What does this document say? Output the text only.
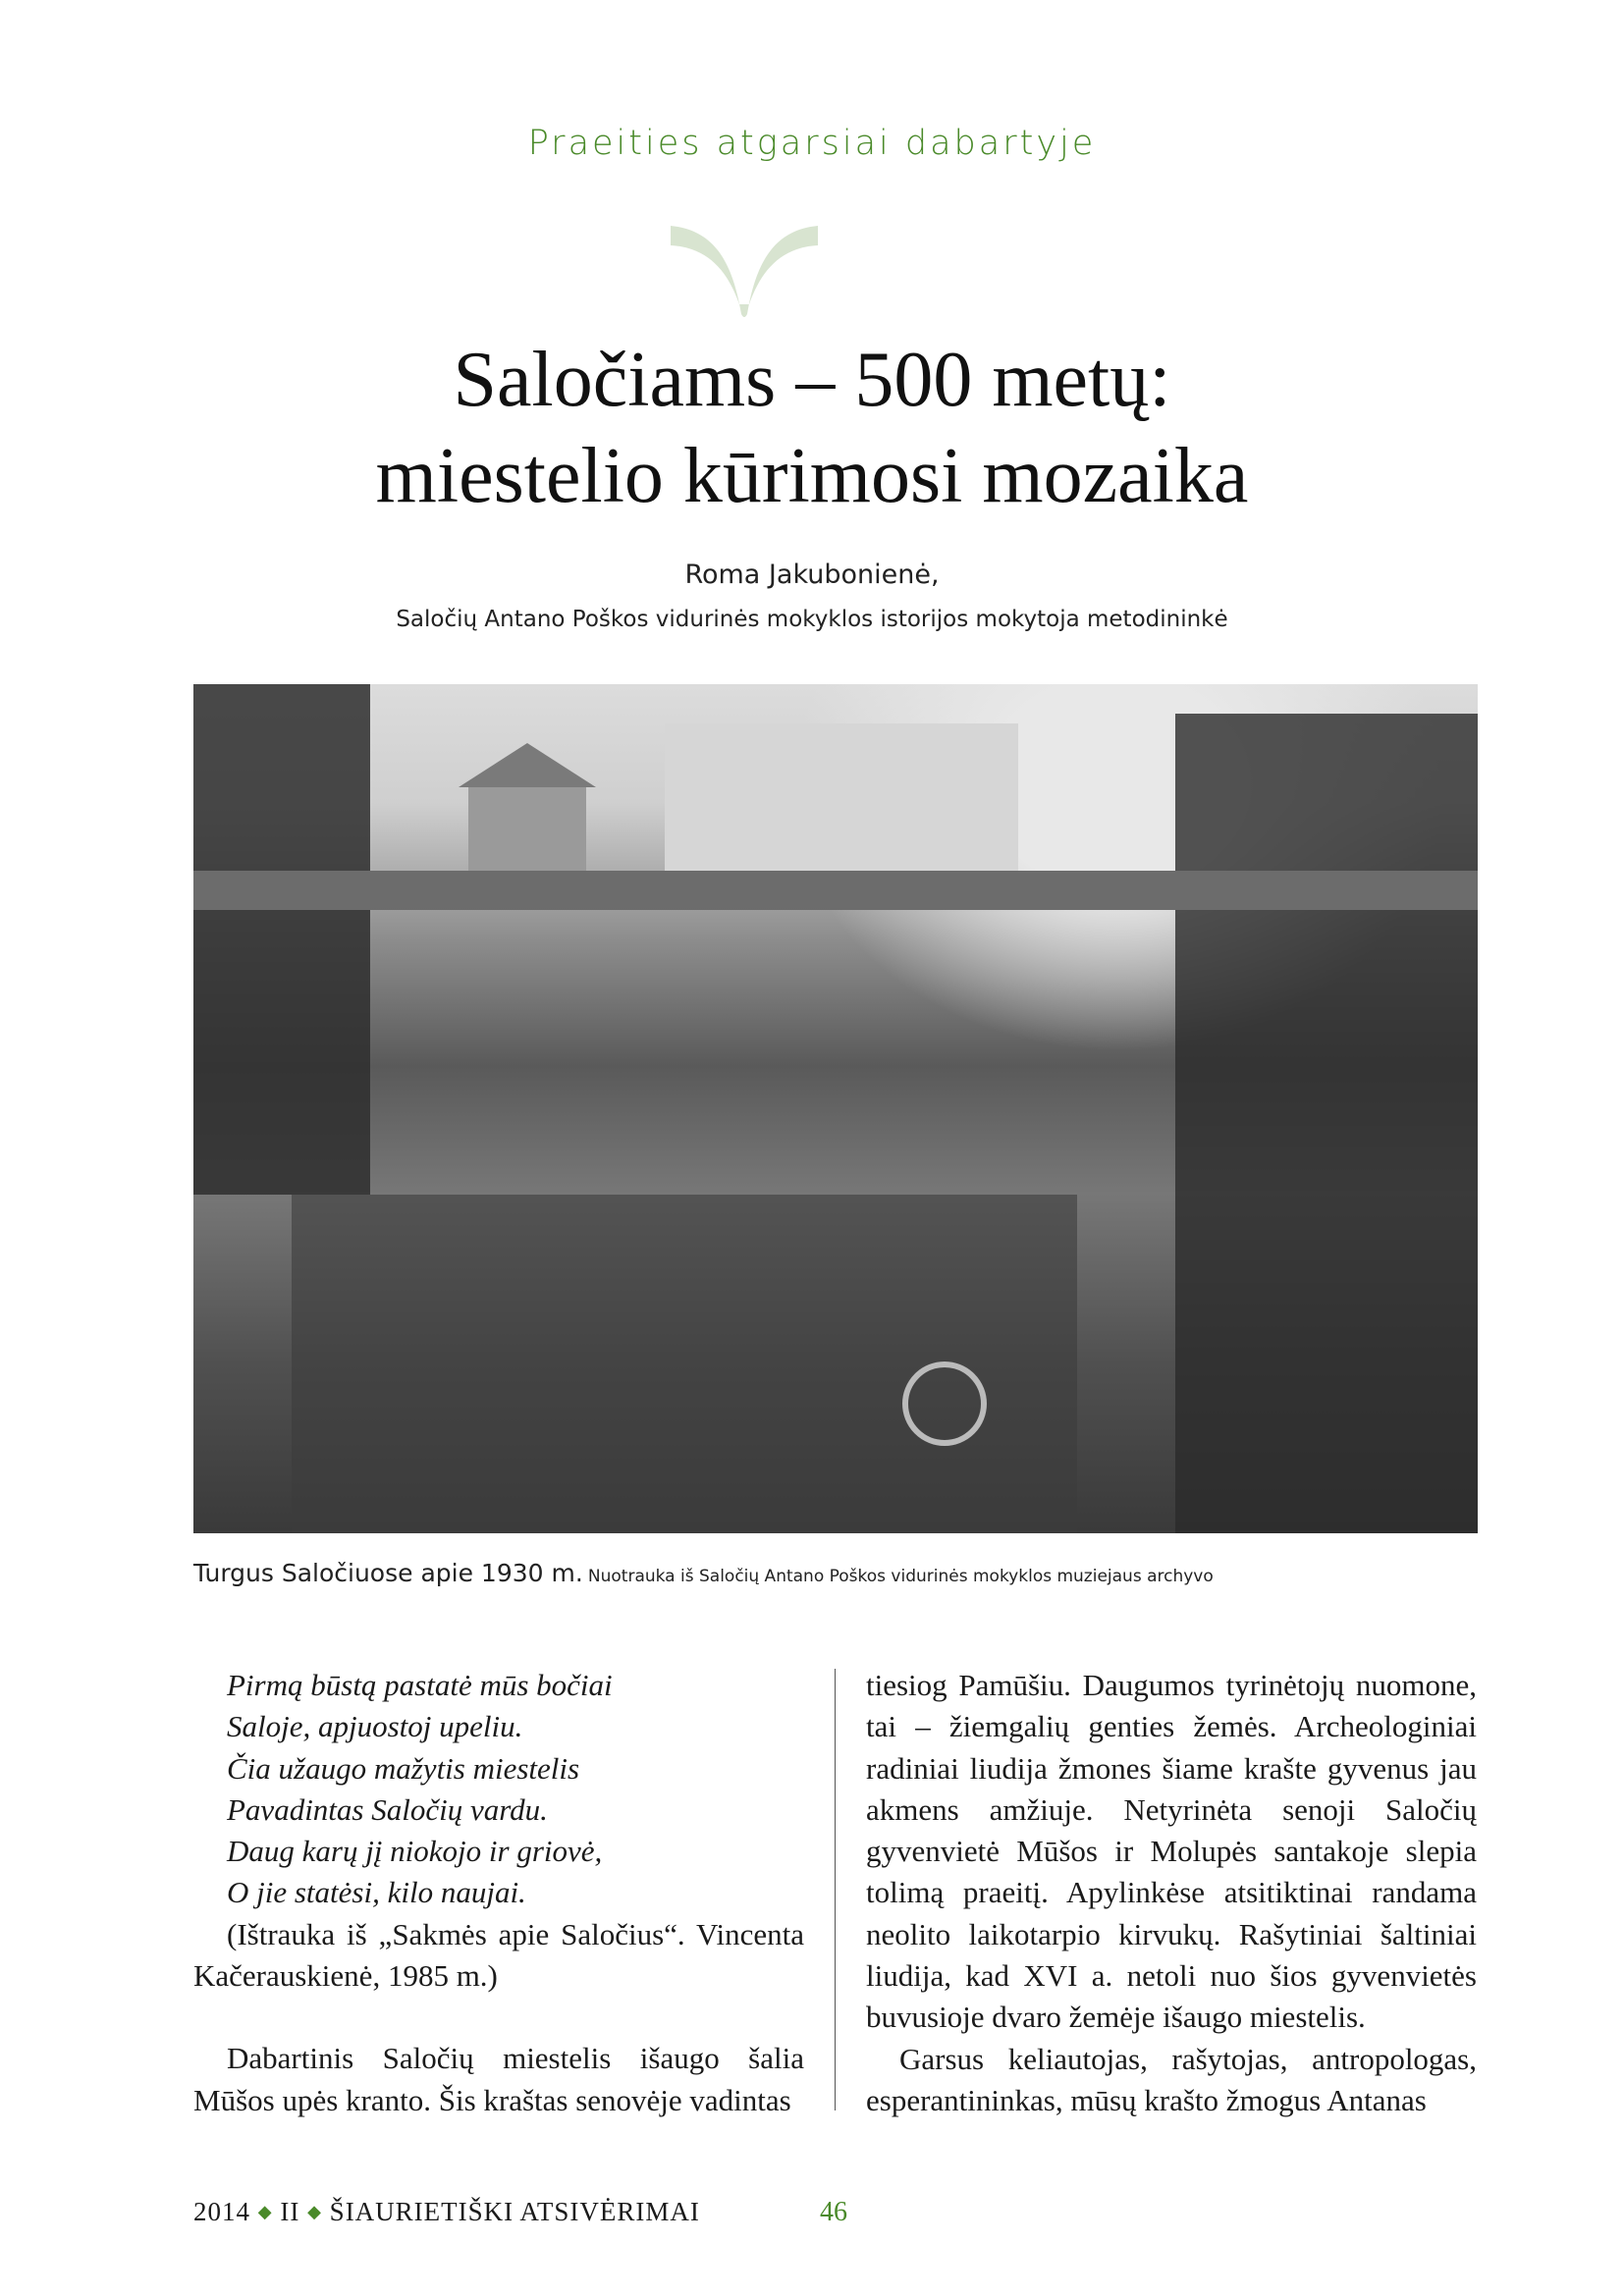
Praeities atgarsiai dabartyje
Saločiams – 500 metų:
miestelio kūrimosi mozaika
Roma Jakubonienė,
Saločių Antano Poškos vidurinės mokyklos istorijos mokytoja metodininkė
Turgus Saločiuose apie 1930 m. Nuotrauka iš Saločių Antano Poškos vidurinės mokyklos muziejaus archyvo
Pirmą būstą pastatė mūs bočiai
Saloje, apjuostoj upeliu.
Čia užaugo mažytis miestelis
Pavadintas Saločių vardu.
Daug karų jį niokojo ir griovė,
O jie statėsi, kilo naujai.
(Ištrauka iš „Sakmės apie Saločius“. Vincenta Kačerauskienė, 1985 m.)
Dabartinis Saločių miestelis išaugo šalia Mūšos upės kranto. Šis kraštas senovėje vadintas
tiesiog Pamūšiu. Daugumos tyrinėtojų nuomone, tai – žiemgalių genties žemės. Archeologiniai radiniai liudija žmones šiame krašte gyvenus jau akmens amžiuje. Netyrinėta senoji Saločių gyvenvietė Mūšos ir Molupės santakoje slepia tolimą praeitį. Apylinkėse atsitiktinai randama neolito laikotarpio kirvukų. Rašytiniai šaltiniai liudija, kad XVI a. netoli nuo šios gyvenvietės buvusioje dvaro žemėje išaugo miestelis.
Garsus keliautojas, rašytojas, antropologas, esperantininkas, mūsų krašto žmogus Antanas
2014 ◆ II ◆ ŠIAURIETIŠKI ATSIVĖRIMAI	46
